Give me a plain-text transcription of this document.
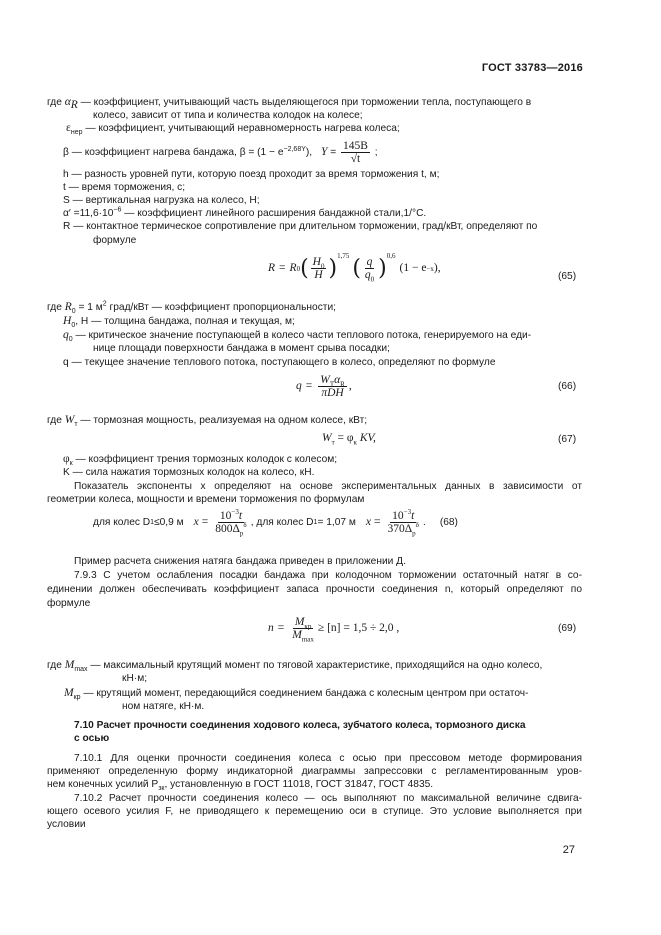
ГОСТ 33783—2016
где $\alpha_R$ — коэффициент, учитывающий часть выделяющегося при торможении тепла, поступающего в
колесо, зависит от типа и количества колодок на колесе;
$\varepsilon_{нер}$ — коэффициент, учитывающий неравномерность нагрева колеса;
β — коэффициент нагрева бандажа, $\beta = (1 - e^{-2,68Y})$, $Y = \frac{145B}{√t}$ ;
h — разность уровней пути, которую поезд проходит за время торможения t, м;
t — время торможения, с;
S — вертикальная нагрузка на колесо, Н;
$\alpha' =11,6\cdot 10^{-6}$ — коэффициент линейного расширения бандажной стали,1/°С.
R — контактное термическое сопротивление при длительном торможении, град/кВт, определяют по
формуле
R = R 0 ( $\frac{H_0}{H}$ ) 1,75 ( $\frac{q}{q_0}$ ) 0,6
(1 − e −x ),
(65)
где $R_0 = 1$ $м^2$ град/кВт — коэффициент пропорциональности;
$H_0$, H — толщина бандажа, полная и текущая, м;
$q_0$ — критическое значение поступающей в колесо части теплового потока, генерируемого на еди-
нице площади поверхности бандажа в момент срыва посадки;
q — текущее значение теплового потока, поступающего в колесо, определяют по формуле
$q = \frac{W_T\alpha_R}{\text{πDH}}$ ,	(66)
где $W_т$ — тормозная мощность, реализуемая на одном колесе, кВт;
$W_т = \varphi_к$ KV,	(67)
$\varphi_к$ — коэффициент трения тормозных колодок с колесом;
K — сила нажатия тормозных колодок на колесо, кН.
Показатель экспоненты x определяют на основе экспериментальных данных в зависимости от
геометрии колеса, мощности и времени торможения по формулам
для колес D 1 ≤0,9 м $x = \frac{10^{-3}t}{800\Delta_р^\delta}$ , для колес D 1 = 1,07 м $x = \frac{10^{-3}t}{370\Delta_р^\delta}$ . (68)
Пример расчета снижения натяга бандажа приведен в приложении Д.
7.9.3 С учетом ослабления посадки бандажа при колодочном торможении остаточный натяг в со-
единении должен обеспечивать коэффициент запаса прочности соединения n, который определяют по
формуле
$n = \frac{M_{кр}}{M_{max}} \ge [n] = 1,5 \div 2,0$ ,	(69)
где $M_{max}$ — максимальный крутящий момент по тяговой характеристике, приходящийся на одно колесо,
кН·м;
$M_{кр}$ — крутящий момент, передающийся соединением бандажа с колесным центром при остаточ-
ном натяге, кН·м.
7.10 Расчет прочности соединения ходового колеса, зубчатого колеса, тормозного диска
с осью
7.10.1 Для оценки прочности соединения колеса с осью при прессовом методе формирования
применяют определенную форму индикаторной диаграммы запрессовки с регламентированным уров-
нем конечных усилий $P_{зк}$, установленную в ГОСТ 11018, ГОСТ 31847, ГОСТ 4835.
7.10.2 Расчет прочности соединения колесо — ось выполняют по максимальной величине сдвига-
ющего осевого усилия F, не приводящего к перемещению оси в ступице. Это условие выполняется при
условии
27
